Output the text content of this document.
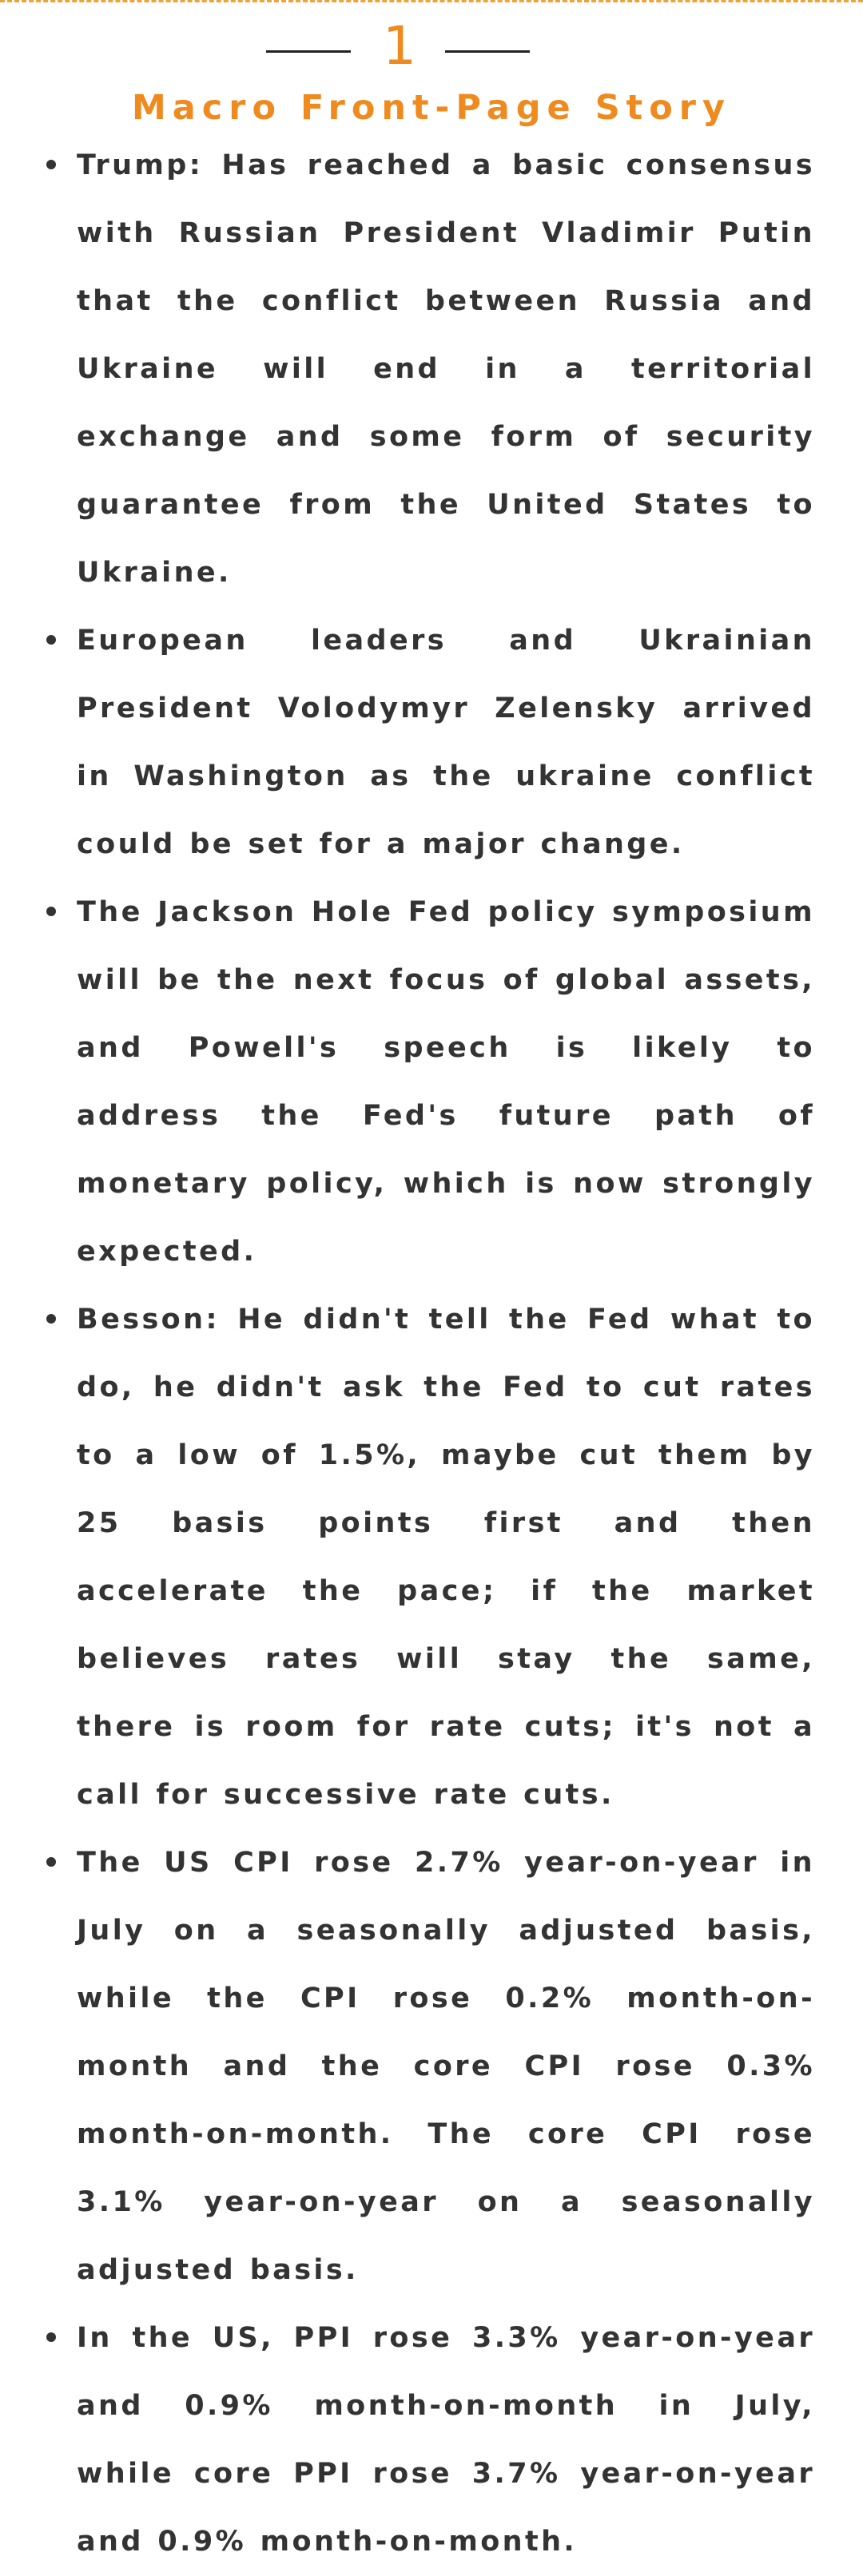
1
Macro Front-Page Story
Trump: Has reached a basic consensus with Russian President Vladimir Putin that the conflict between Russia and Ukraine will end in a territorial exchange and some form of security guarantee from the United States to Ukraine.
European leaders and Ukrainian President Volodymyr Zelensky arrived in Washington as the ukraine conflict could be set for a major change.
The Jackson Hole Fed policy symposium will be the next focus of global assets, and Powell's speech is likely to address the Fed's future path of monetary policy, which is now strongly expected.
Besson: He didn't tell the Fed what to do, he didn't ask the Fed to cut rates to a low of 1.5%, maybe cut them by 25 basis points first and then accelerate the pace; if the market believes rates will stay the same, there is room for rate cuts; it's not a call for successive rate cuts.
The US CPI rose 2.7% year-on-year in July on a seasonally adjusted basis, while the CPI rose 0.2% month-on-month and the core CPI rose 0.3% month-on-month. The core CPI rose 3.1% year-on-year on a seasonally adjusted basis.
In the US, PPI rose 3.3% year-on-year and 0.9% month-on-month in July, while core PPI rose 3.7% year-on-year and 0.9% month-on-month.
